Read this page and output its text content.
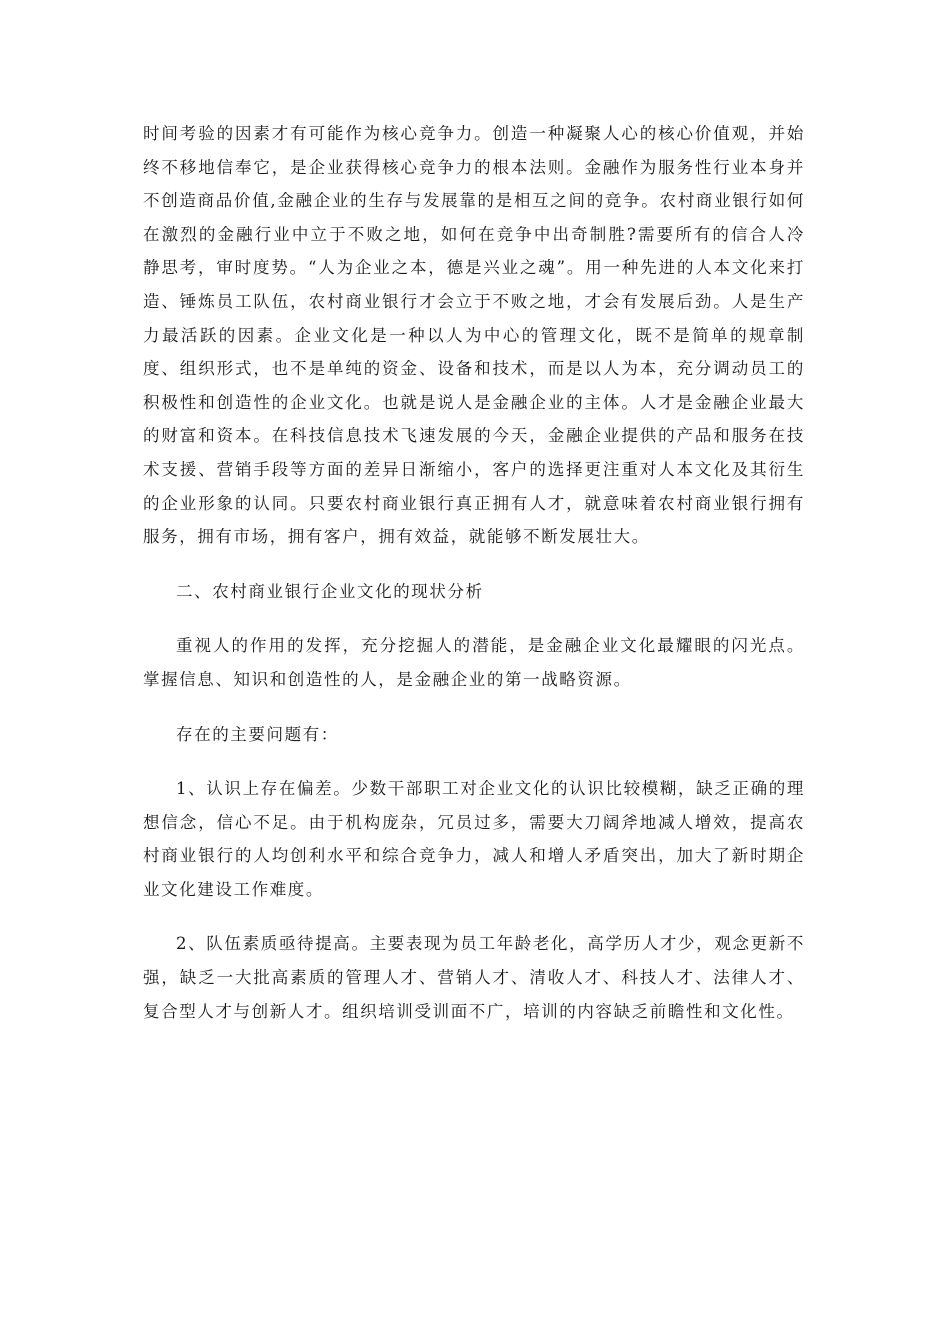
时间考验的因素才有可能作为核心竞争力。创造一种凝聚人心的核心价值观，并始终不移地信奉它，是企业获得核心竞争力的根本法则。金融作为服务性行业本身并不创造商品价值,金融企业的生存与发展靠的是相互之间的竞争。农村商业银行如何在激烈的金融行业中立于不败之地，如何在竞争中出奇制胜?需要所有的信合人冷静思考，审时度势。“人为企业之本，德是兴业之魂”。用一种先进的人本文化来打造、锤炼员工队伍，农村商业银行才会立于不败之地，才会有发展后劲。人是生产力最活跃的因素。企业文化是一种以人为中心的管理文化，既不是简单的规章制度、组织形式，也不是单纯的资金、设备和技术，而是以人为本，充分调动员工的积极性和创造性的企业文化。也就是说人是金融企业的主体。人才是金融企业最大的财富和资本。在科技信息技术飞速发展的今天，金融企业提供的产品和服务在技术支援、营销手段等方面的差异日渐缩小，客户的选择更注重对人本文化及其衍生的企业形象的认同。只要农村商业银行真正拥有人才，就意味着农村商业银行拥有服务，拥有市场，拥有客户，拥有效益，就能够不断发展壮大。

二、农村商业银行企业文化的现状分析

重视人的作用的发挥，充分挖掘人的潜能，是金融企业文化最耀眼的闪光点。掌握信息、知识和创造性的人，是金融企业的第一战略资源。

存在的主要问题有：

1、认识上存在偏差。少数干部职工对企业文化的认识比较模糊，缺乏正确的理想信念，信心不足。由于机构庞杂，冗员过多，需要大刀阔斧地减人增效，提高农村商业银行的人均创利水平和综合竞争力，减人和增人矛盾突出，加大了新时期企业文化建设工作难度。

2、队伍素质亟待提高。主要表现为员工年龄老化，高学历人才少，观念更新不强，缺乏一大批高素质的管理人才、营销人才、清收人才、科技人才、法律人才、复合型人才与创新人才。组织培训受训面不广，培训的内容缺乏前瞻性和文化性。
